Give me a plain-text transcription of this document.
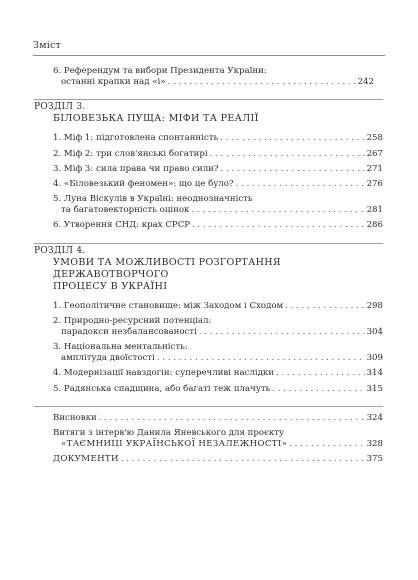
Зміст
6. Референдум та вибори Президента України:
останні крапки над «і» . . .	242
РОЗДІЛ 3.
БІЛОВЕЗЬКА ПУЩА: МІФИ ТА РЕАЛІЇ
1. Міф 1: підготовлена спонтанність . . .	258
2. Міф 2: три слов'янські богатирі . . .	267
3. Міф 3: сила права чи право сили? . . .	271
4. «Біловезький феномен»: що це було? . . .	276
5. Луна Віскулів в Україні: неоднозначність
та багатовекторність оцінок . . .	281
6. Утворення СНД: крах СРСР . . .	286
РОЗДІЛ 4.
УМОВИ ТА МОЖЛИВОСТІ РОЗГОРТАННЯ ДЕРЖАВОТВОРЧОГО
ПРОЦЕСУ В УКРАЇНІ
1. Геополітичне становище: між Заходом і Сходом . . .	298
2. Природно-ресурсний потенціал:
парадокси незбалансованості . . .	304
3. Національна ментальність:
амплітуда двоїстості . . .	309
4. Модернізації навздогін: суперечливі наслідки . . .	314
5. Радянська спадщина, або багаті теж плачуть . . .	315
Висновки . . .	324
Витяги з інтерв'ю Данила Яневського для проєкту
«ТАЄМНИЦІ УКРАЇНСЬКОЇ НЕЗАЛЕЖНОСТІ» . . .	328
ДОКУМЕНТИ . . .	375
